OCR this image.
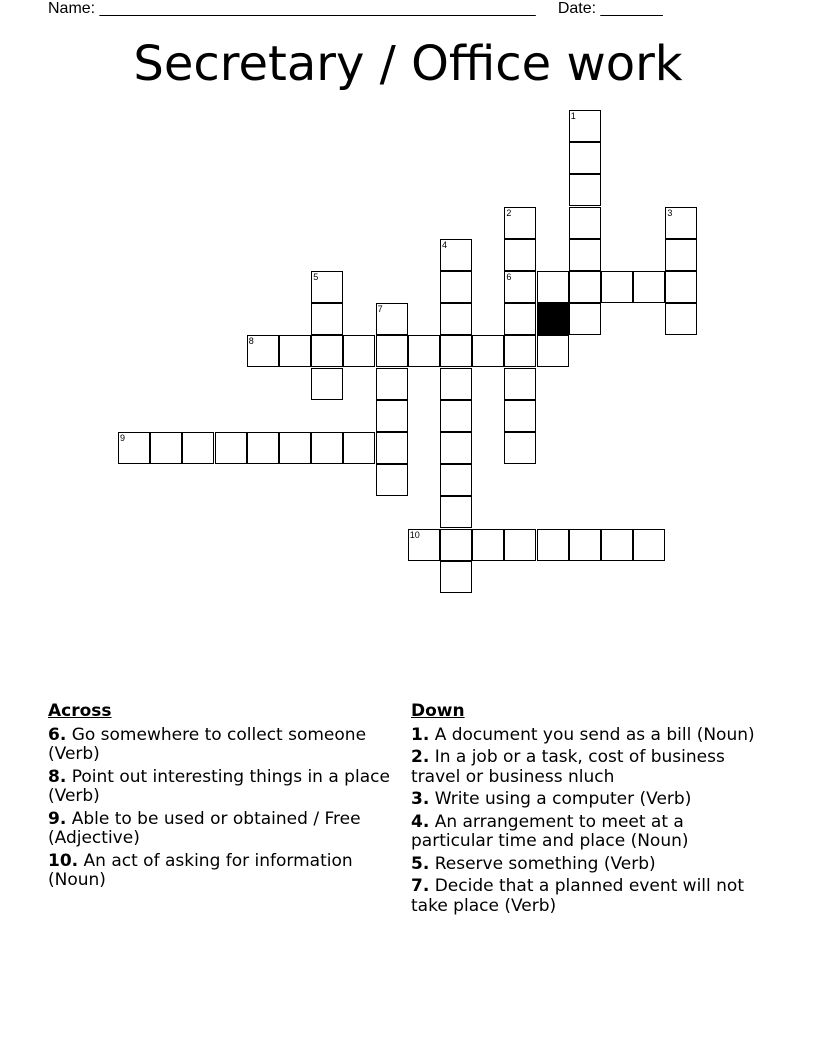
Name: _________________________________________________     Date: _______
Secretary / Office work
1
2
6
3
4
5
7
8
9
10
Across
6. Go somewhere to collect someone (Verb)
8. Point out interesting things in a place (Verb)
9. Able to be used or obtained / Free (Adjective)
10. An act of asking for information (Noun)
Down
1. A document you send as a bill (Noun)
2. In a job or a task, cost of business travel or business nluch
3. Write using a computer (Verb)
4. An arrangement to meet at a particular time and place (Noun)
5. Reserve something (Verb)
7. Decide that a planned event will not take place (Verb)
